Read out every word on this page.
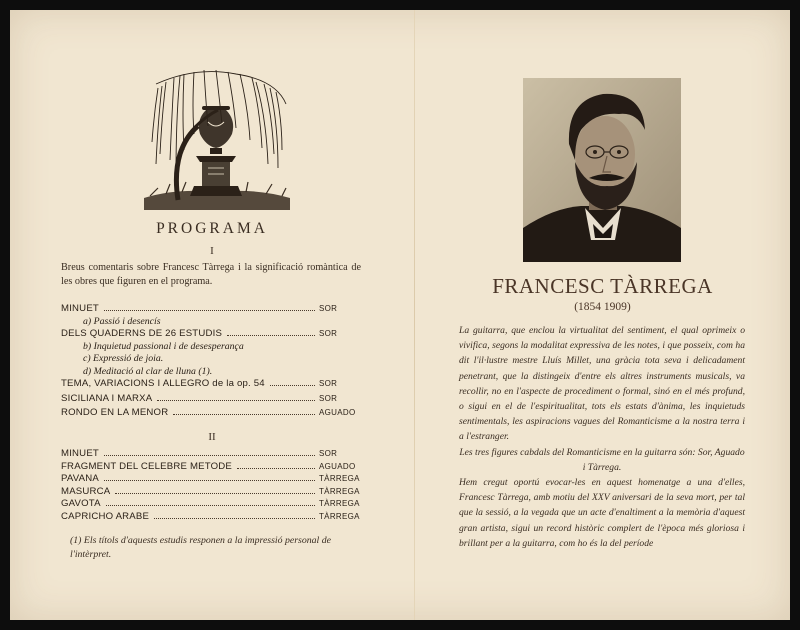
PROGRAMA
I
Breus comentaris sobre Francesc Tàrrega i la significació romàntica de les obres que figuren en el programa.
MINUET	SOR
a) Passió i desencís
DELS QUADERNS DE 26 ESTUDIS	SOR
b) Inquietud passional i de desesperança
c) Expressió de joia.
d) Meditació al clar de lluna (1).
TEMA, VARIACIONS I ALLEGRO de la op. 54	SOR
SICILIANA I MARXA	SOR
RONDO EN LA MENOR	AGUADO
II
MINUET	SOR
FRAGMENT DEL CELEBRE METODE	AGUADO
PAVANA	TÀRREGA
MASURCA	TÀRREGA
GAVOTA	TÀRREGA
CAPRICHO ARABE	TÀRREGA
(1) Els títols d'aquests estudis responen a la impressió personal de l'intèrpret.
FRANCESC TÀRREGA
(1854 1909)

La guitarra, que enclou la virtualitat del sentiment, el qual oprimeix o vivifica, segons la modalitat expressiva de les notes, i que posseix, com ha dit l'il·lustre mestre Lluís Millet, una gràcia tota seva i delicadament penetrant, que la distingeix d'entre els altres instruments musicals, va recollir, no en l'aspecte de procediment o formal, sinó en el més profund, o sigui en el de l'espiritualitat, tots els estats d'ànima, les inquietuds sentimentals, les aspiracions vagues del Romanticisme a la nostra terra i a l'estranger.

Les tres figures cabdals del Romanticisme en la guitarra són: Sor, Aguado i Tàrrega.

Hem cregut oportú evocar-les en aquest homenatge a una d'elles, Francesc Tàrrega, amb motiu del XXV aniversari de la seva mort, per tal que la sessió, a la vegada que un acte d'enaltiment a la memòria d'aquest gran artista, sigui un record històric complert de l'època més gloriosa i brillant per a la guitarra, com ho és la del període
